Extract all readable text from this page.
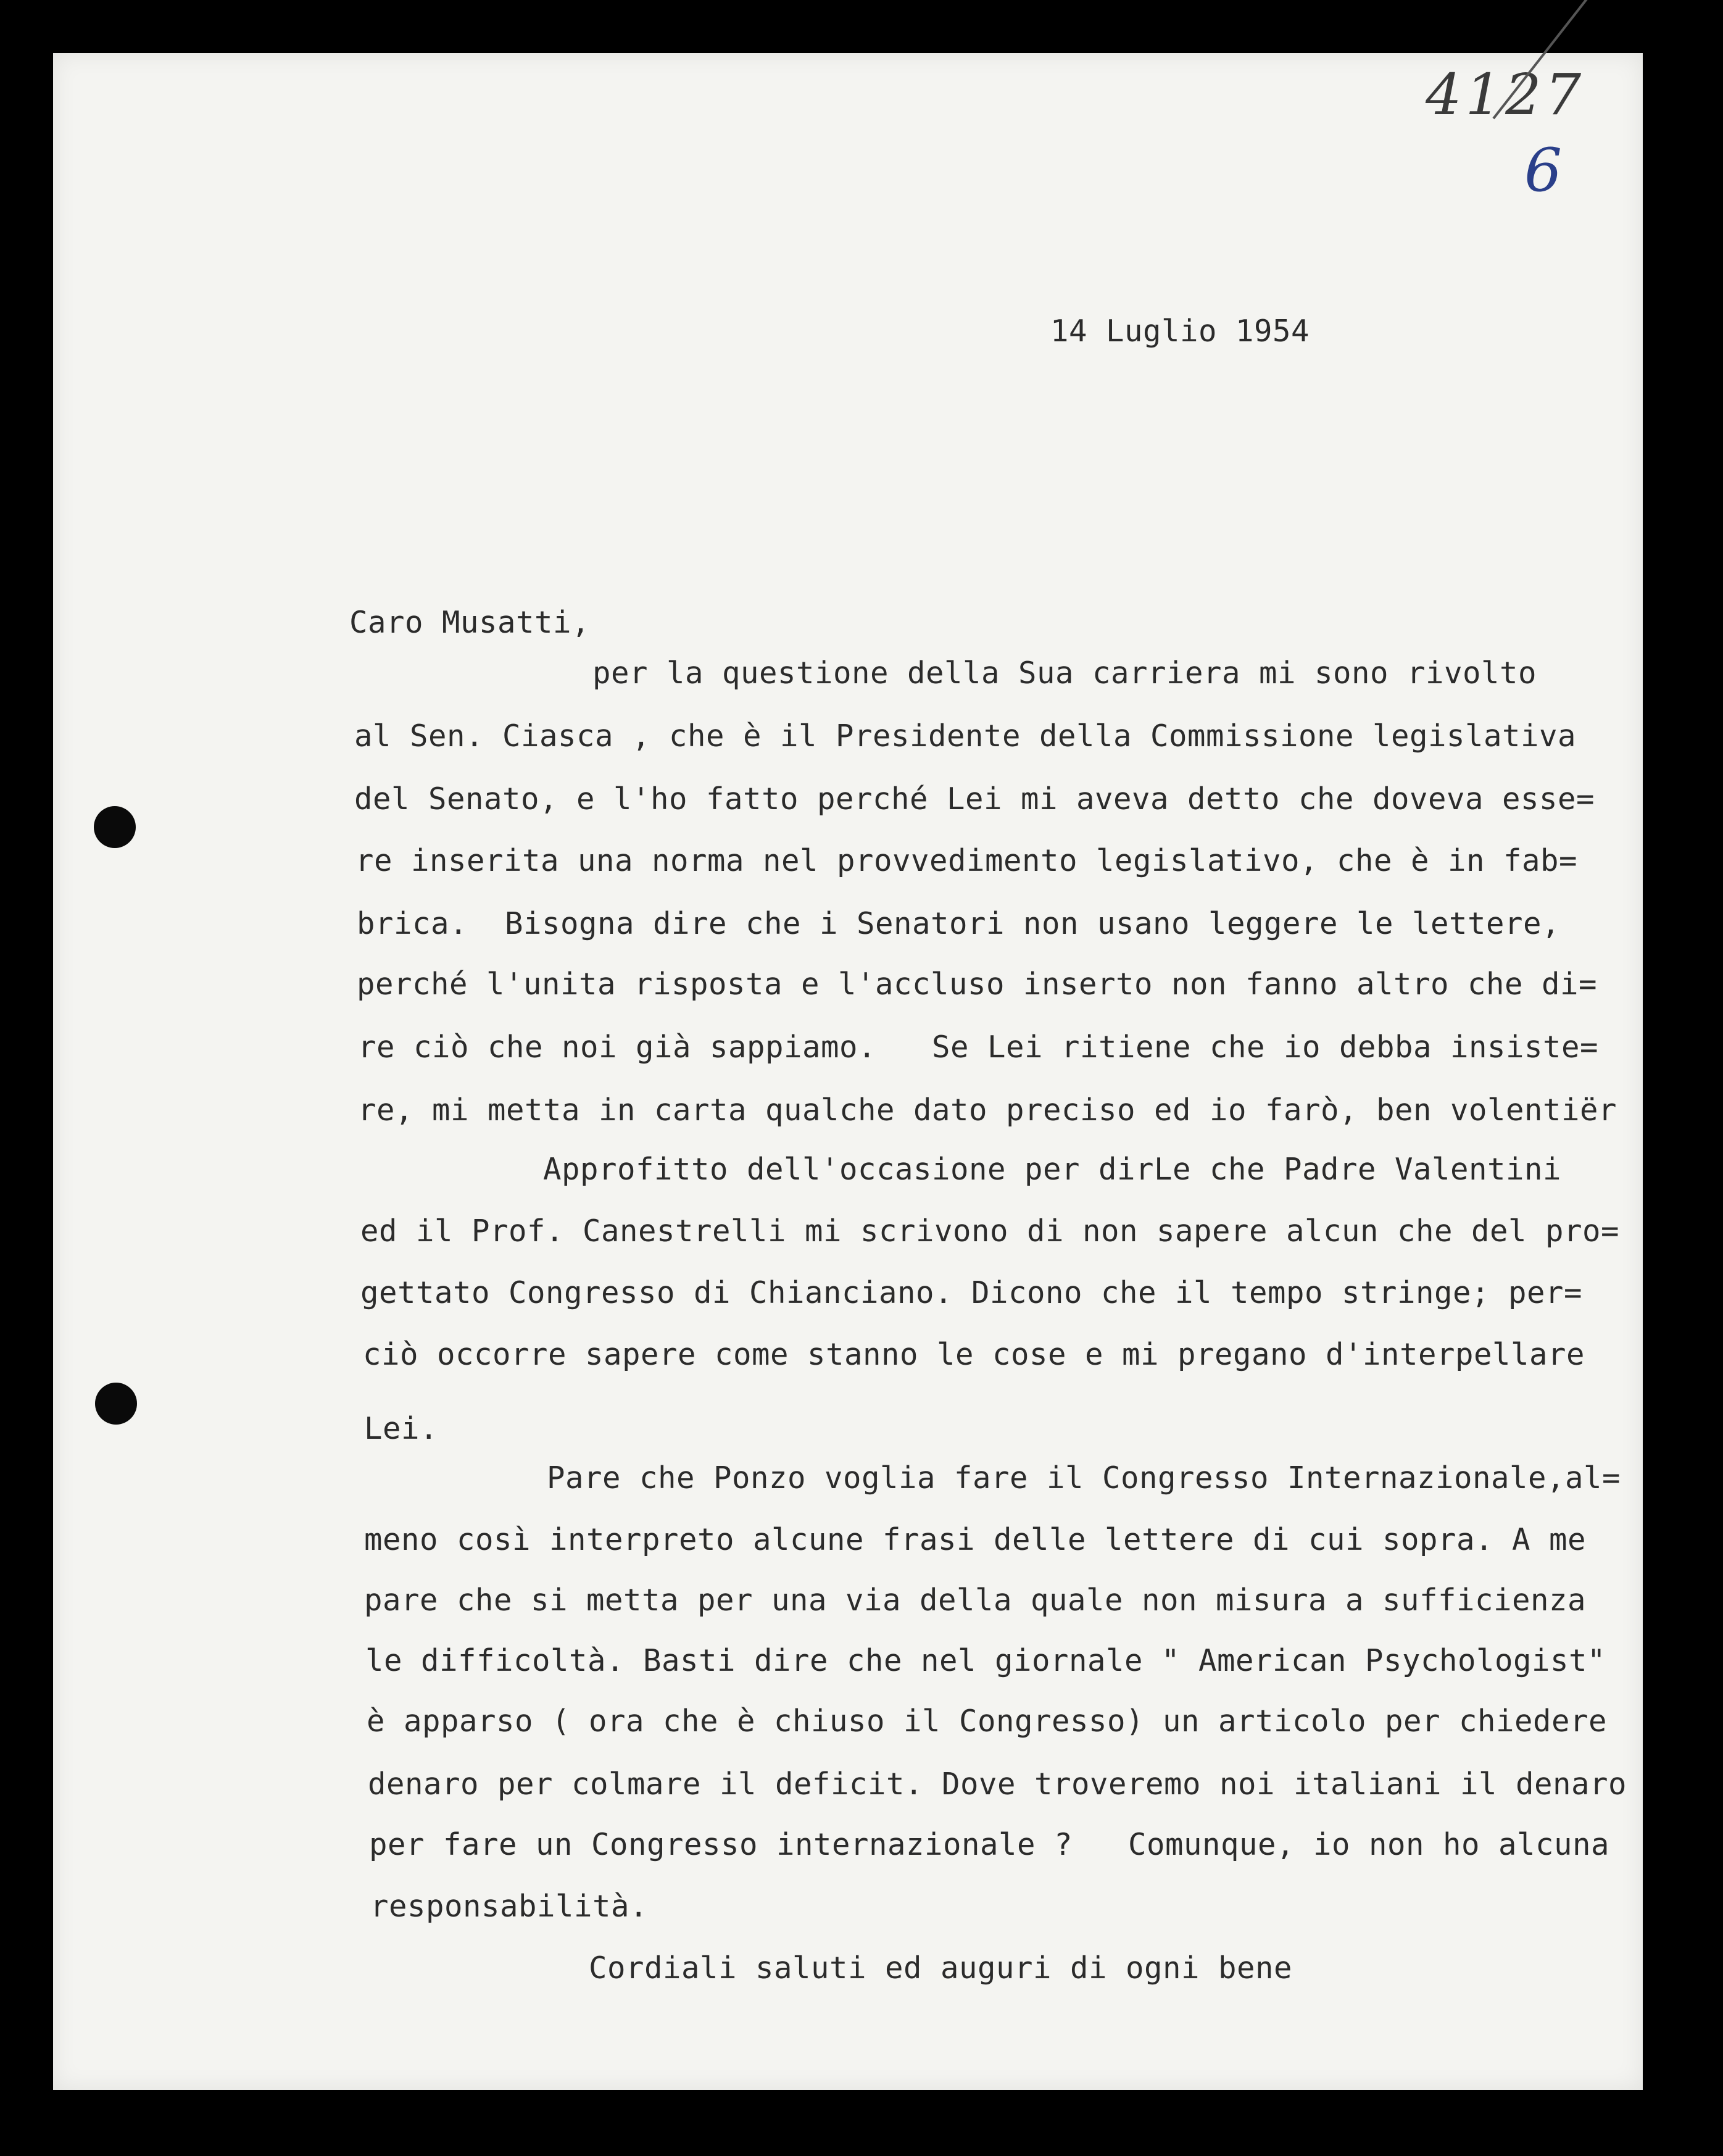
4127
6
14 Luglio 1954
Caro Musatti,
per la questione della Sua carriera mi sono rivolto
al Sen. Ciasca , che è il Presidente della Commissione legislativa
del Senato, e l'ho fatto perché Lei mi aveva detto che doveva esse=
re inserita una norma nel provvedimento legislativo, che è in fab=
brica.  Bisogna dire che i Senatori non usano leggere le lettere,
perché l'unita risposta e l'accluso inserto non fanno altro che di=
re ciò che noi già sappiamo.   Se Lei ritiene che io debba insiste=
re, mi metta in carta qualche dato preciso ed io farò, ben volentiër
Approfitto dell'occasione per dirLe che Padre Valentini
ed il Prof. Canestrelli mi scrivono di non sapere alcun che del pro=
gettato Congresso di Chianciano. Dicono che il tempo stringe; per=
ciò occorre sapere come stanno le cose e mi pregano d'interpellare
Lei.
Pare che Ponzo voglia fare il Congresso Internazionale,al=
meno così interpreto alcune frasi delle lettere di cui sopra. A me
pare che si metta per una via della quale non misura a sufficienza
le difficoltà. Basti dire che nel giornale " American Psychologist"
è apparso ( ora che è chiuso il Congresso) un articolo per chiedere
denaro per colmare il deficit. Dove troveremo noi italiani il denaro
per fare un Congresso internazionale ?   Comunque, io non ho alcuna
responsabilità.
Cordiali saluti ed auguri di ogni bene
